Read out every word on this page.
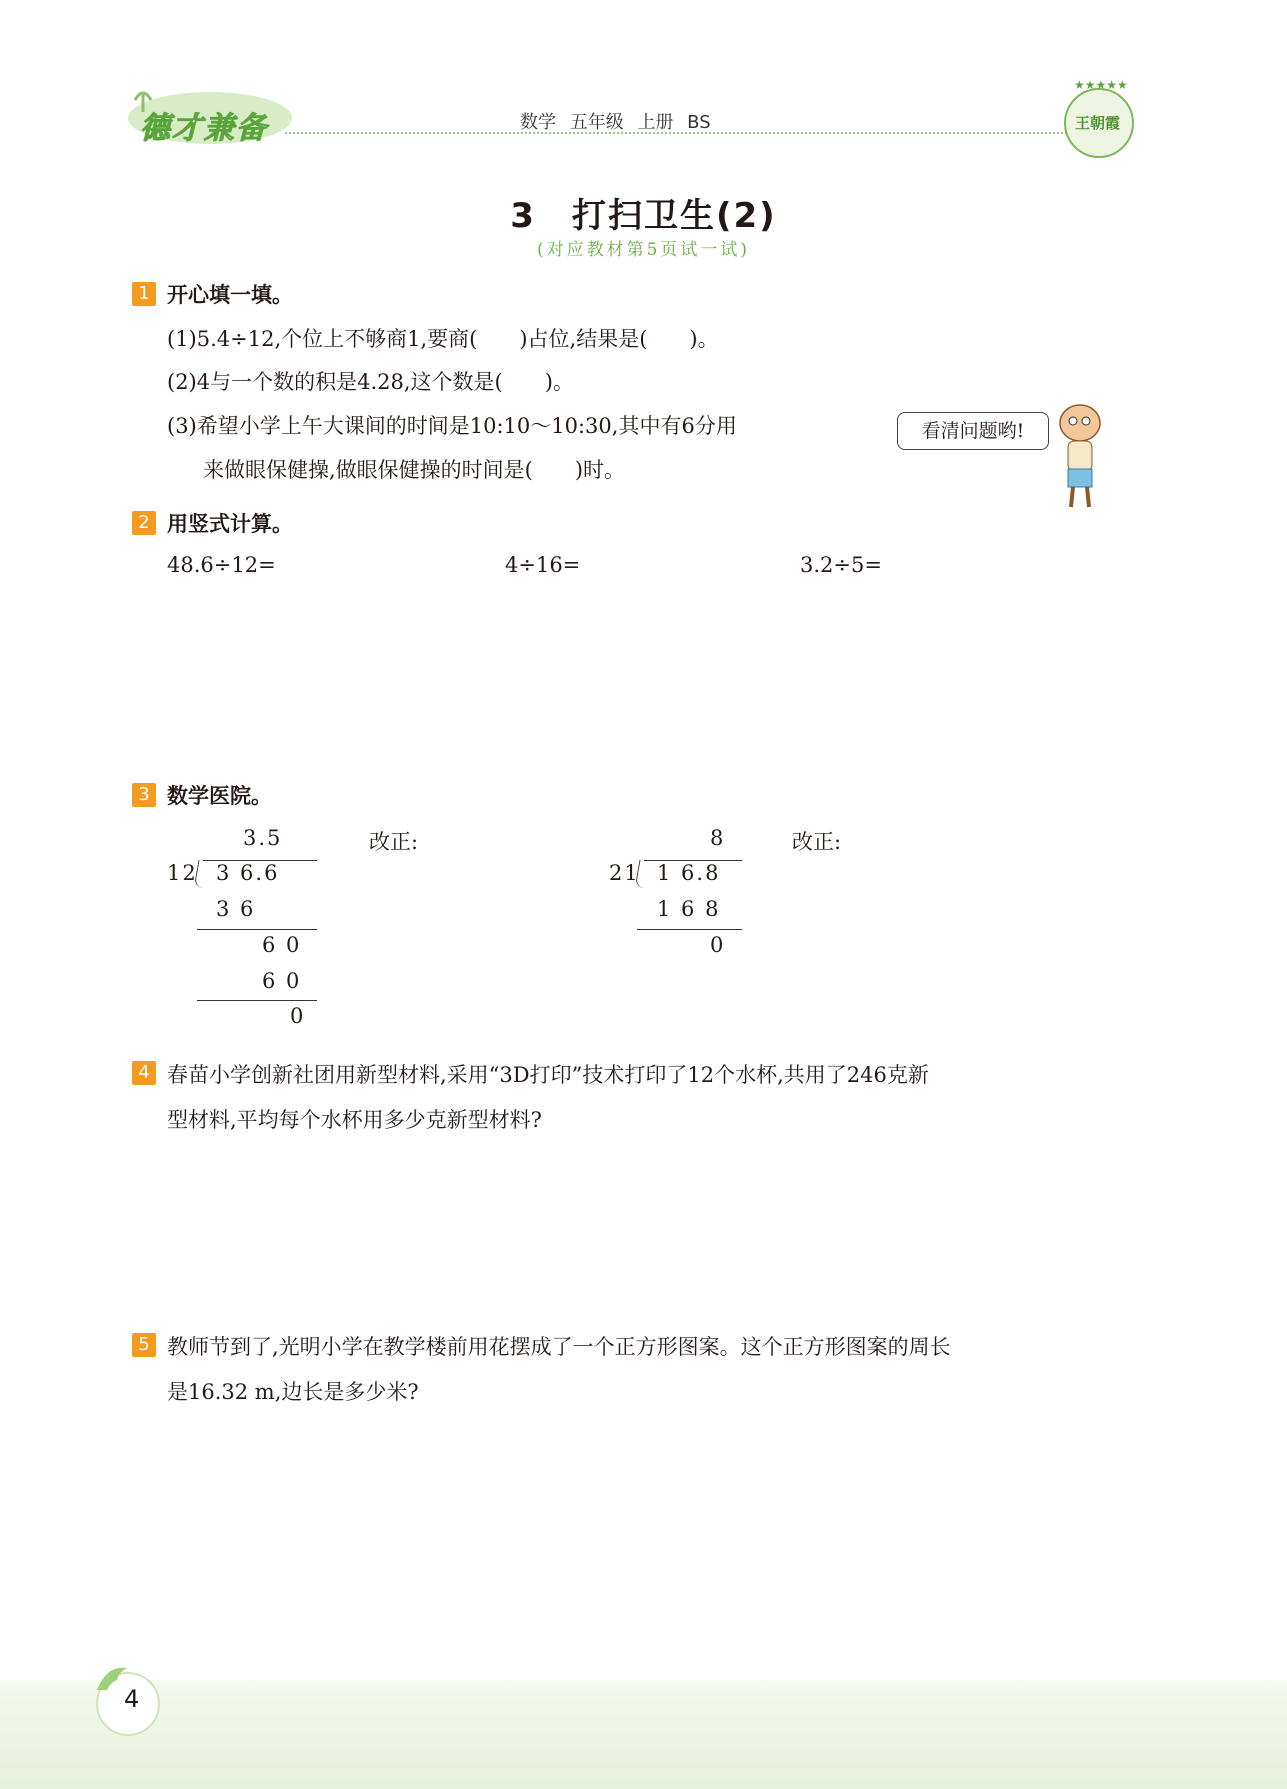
德才兼备	数学 五年级 上册 BS
★★★★★
王朝霞
3　打扫卫生(2)
(对应教材第5页试一试)
1 开心填一填。
(1)5.4÷12,个位上不够商1,要商(　　)占位,结果是(　　)。
(2)4与一个数的积是4.28,这个数是(　　)。
(3)希望小学上午大课间的时间是10:10～10:30,其中有6分用
来做眼保健操,做眼保健操的时间是(　　)时。
看清问题哟!
2 用竖式计算。
48.6÷12=	4÷16=	3.2÷5=
3 数学医院。
3.5
12 3 6.6
3 6
6 0
6 0
0
改正:	8
21 1 6.8
1 6 8
0
改正:
4 春苗小学创新社团用新型材料,采用“3D打印”技术打印了12个水杯,共用了246克新
型材料,平均每个水杯用多少克新型材料?
5 教师节到了,光明小学在教学楼前用花摆成了一个正方形图案。这个正方形图案的周长
是16.32 m,边长是多少米?
4
